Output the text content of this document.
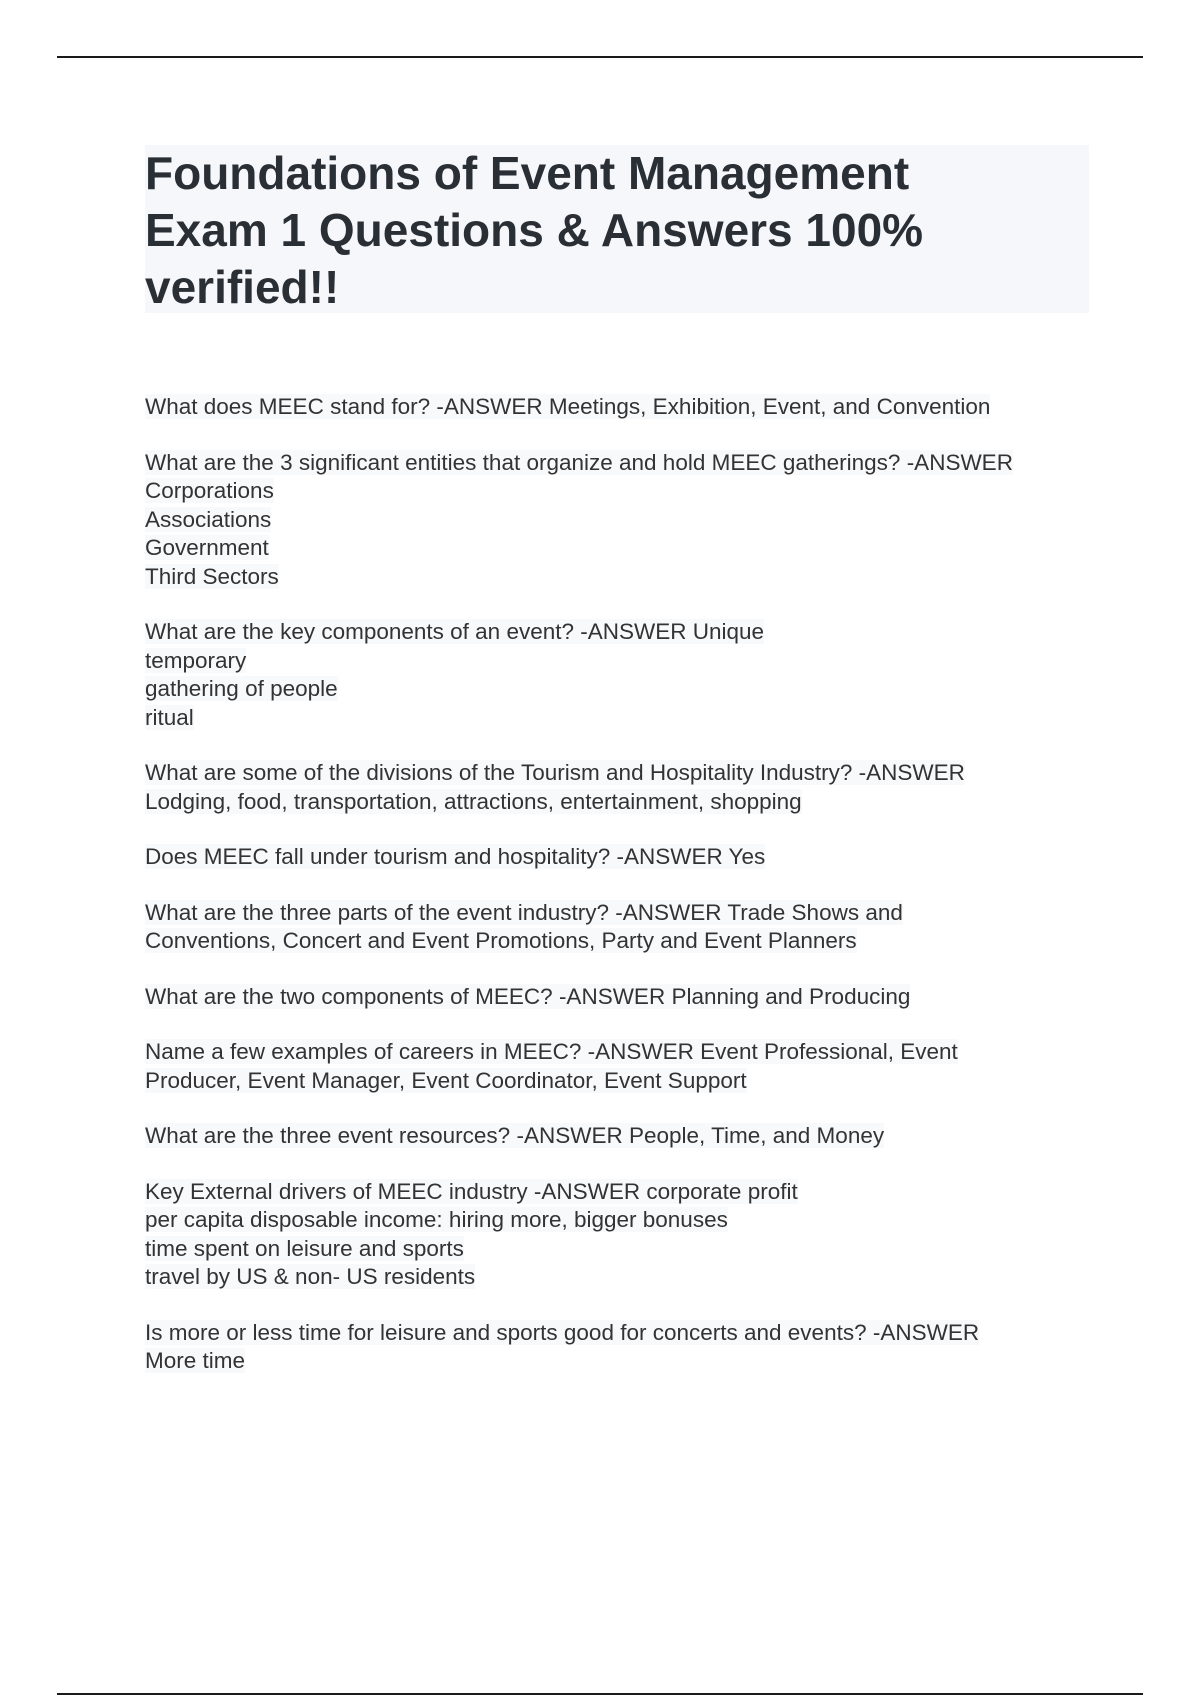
Foundations of Event Management
Exam 1 Questions & Answers 100%
verified!!

What does MEEC stand for? -ANSWER Meetings, Exhibition, Event, and Convention

What are the 3 significant entities that organize and hold MEEC gatherings? -ANSWER

Corporations

Associations

Government

Third Sectors

What are the key components of an event? -ANSWER Unique

temporary

gathering of people

ritual

What are some of the divisions of the Tourism and Hospitality Industry? -ANSWER

Lodging, food, transportation, attractions, entertainment, shopping

Does MEEC fall under tourism and hospitality? -ANSWER Yes

What are the three parts of the event industry? -ANSWER Trade Shows and

Conventions, Concert and Event Promotions, Party and Event Planners

What are the two components of MEEC? -ANSWER Planning and Producing

Name a few examples of careers in MEEC? -ANSWER Event Professional, Event

Producer, Event Manager, Event Coordinator, Event Support

What are the three event resources? -ANSWER People, Time, and Money

Key External drivers of MEEC industry -ANSWER corporate profit

per capita disposable income: hiring more, bigger bonuses

time spent on leisure and sports

travel by US & non- US residents

Is more or less time for leisure and sports good for concerts and events? -ANSWER

More time
